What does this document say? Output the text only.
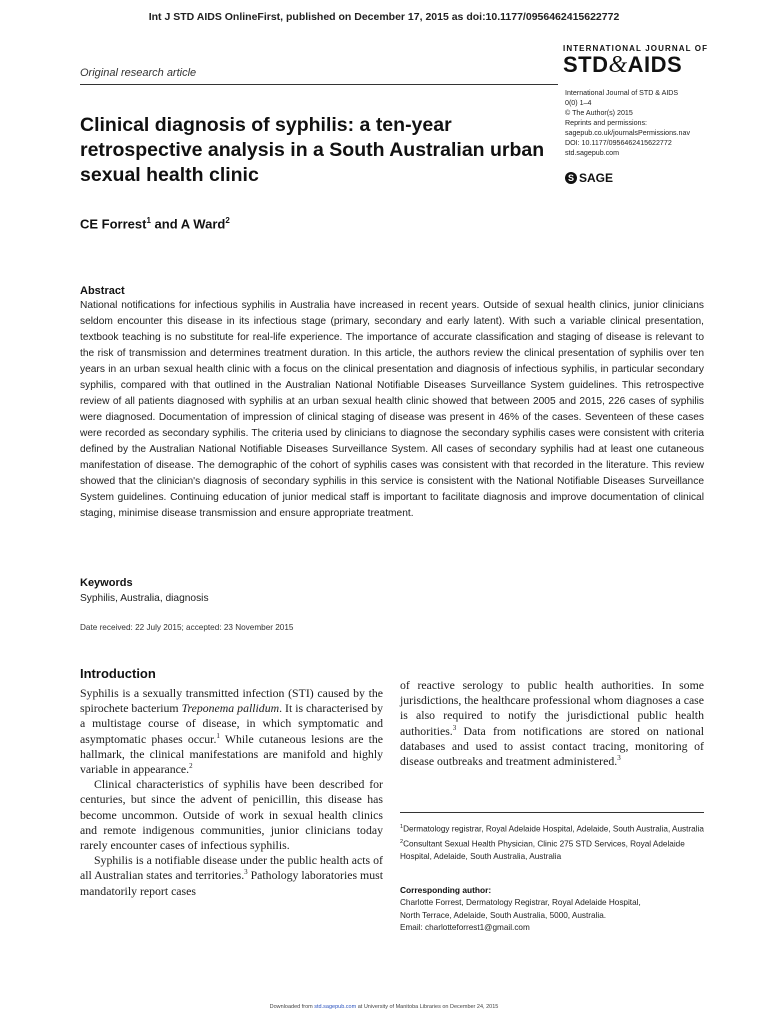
Int J STD AIDS OnlineFirst, published on December 17, 2015 as doi:10.1177/0956462415622772
Original research article
INTERNATIONAL JOURNAL OF
STD&AIDS
International Journal of STD & AIDS
0(0) 1–4
© The Author(s) 2015
Reprints and permissions:
sagepub.co.uk/journalsPermissions.nav
DOI: 10.1177/0956462415622772
std.sagepub.com
S SAGE
Clinical diagnosis of syphilis: a ten-year retrospective analysis in a South Australian urban sexual health clinic
CE Forrest$^1$ and A Ward$^2$
Abstract
National notifications for infectious syphilis in Australia have increased in recent years. Outside of sexual health clinics, junior clinicians seldom encounter this disease in its infectious stage (primary, secondary and early latent). With such a variable clinical presentation, textbook teaching is no substitute for real-life experience. The importance of accurate classification and staging of disease is relevant to the risk of transmission and determines treatment duration. In this article, the authors review the clinical presentation of syphilis over ten years in an urban sexual health clinic with a focus on the clinical presentation and diagnosis of infectious syphilis, in particular secondary syphilis, compared with that outlined in the Australian National Notifiable Diseases Surveillance System guidelines. This retrospective review of all patients diagnosed with syphilis at an urban sexual health clinic showed that between 2005 and 2015, 226 cases of syphilis were diagnosed. Documentation of impression of clinical staging of disease was present in 46% of the cases. Seventeen of these cases were recorded as secondary syphilis. The criteria used by clinicians to diagnose the secondary syphilis cases were consistent with criteria defined by the Australian National Notifiable Diseases Surveillance System. All cases of secondary syphilis had at least one cutaneous manifestation of disease. The demographic of the cohort of syphilis cases was consistent with that recorded in the literature. This review showed that the clinician's diagnosis of secondary syphilis in this service is consistent with the National Notifiable Diseases Surveillance System guidelines. Continuing education of junior medical staff is important to facilitate diagnosis and improve documentation of clinical staging, minimise disease transmission and ensure appropriate treatment.
Keywords
Syphilis, Australia, diagnosis
Date received: 22 July 2015; accepted: 23 November 2015
Introduction

Syphilis is a sexually transmitted infection (STI) caused by the spirochete bacterium Treponema pallidum. It is characterised by a multistage course of disease, in which symptomatic and asymptomatic phases occur.$^1$ While cutaneous lesions are the hallmark, the clinical manifestations are manifold and highly variable in appearance.$^2$

Clinical characteristics of syphilis have been described for centuries, but since the advent of penicillin, this disease has become uncommon. Outside of work in sexual health clinics and remote indigenous communities, junior clinicians today rarely encounter cases of infectious syphilis.

Syphilis is a notifiable disease under the public health acts of all Australian states and territories.$^3$ Pathology laboratories must mandatorily report cases

of reactive serology to public health authorities. In some jurisdictions, the healthcare professional whom diagnoses a case is also required to notify the jurisdictional public health authorities.$^3$ Data from notifications are stored on national databases and used to assist contact tracing, monitoring of disease outbreaks and treatment administered.$^3$

$^1$Dermatology registrar, Royal Adelaide Hospital, Adelaide, South Australia, Australia
$^2$Consultant Sexual Health Physician, Clinic 275 STD Services, Royal Adelaide Hospital, Adelaide, South Australia, Australia
Corresponding author:
Charlotte Forrest, Dermatology Registrar, Royal Adelaide Hospital,
North Terrace, Adelaide, South Australia, 5000, Australia.
Email: charlotteforrest1@gmail.com
Downloaded from std.sagepub.com at University of Manitoba Libraries on December 24, 2015
